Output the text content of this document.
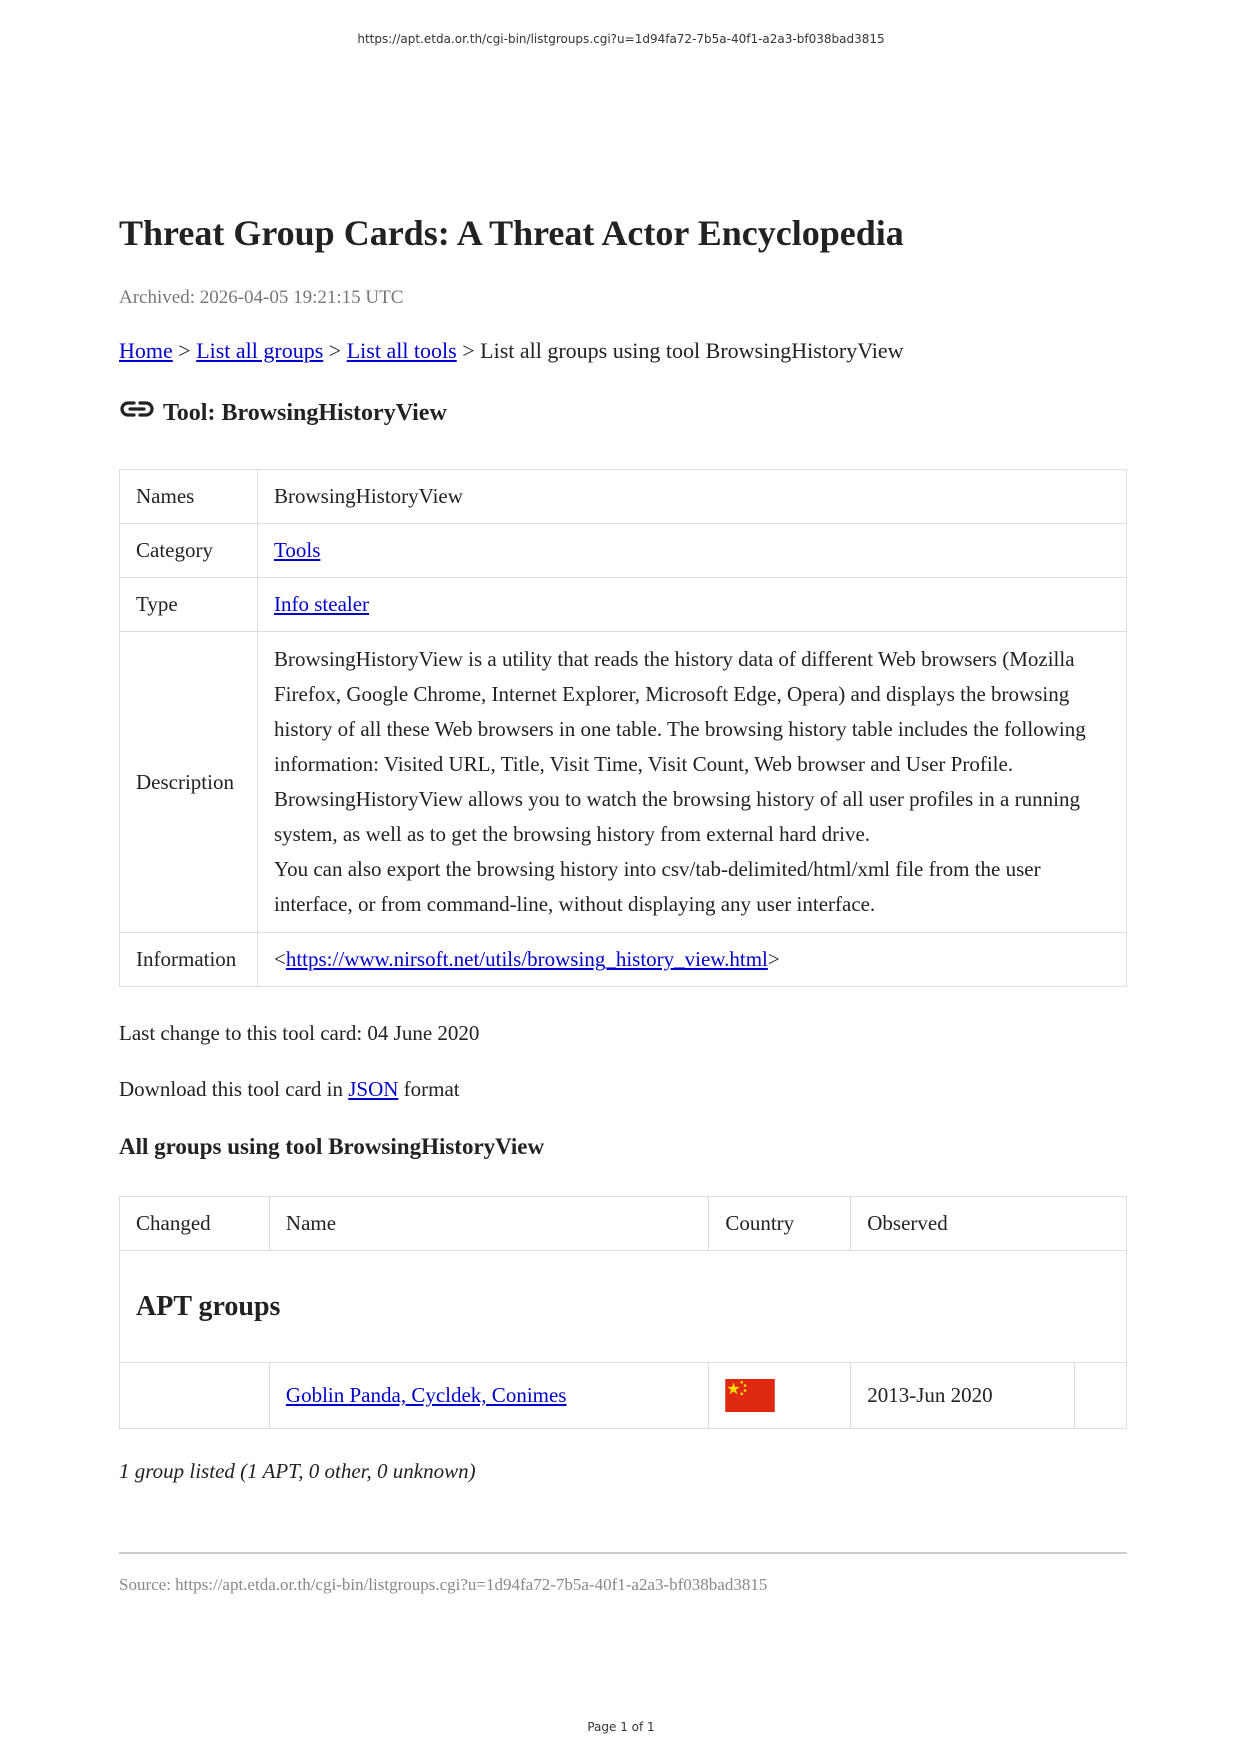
https://apt.etda.or.th/cgi-bin/listgroups.cgi?u=1d94fa72-7b5a-40f1-a2a3-bf038bad3815
Threat Group Cards: A Threat Actor Encyclopedia
Archived: 2026-04-05 19:21:15 UTC
Home > List all groups > List all tools > List all groups using tool BrowsingHistoryView
Tool: BrowsingHistoryView
Names	BrowsingHistoryView
Category	Tools
Type	Info stealer
Description	BrowsingHistoryView is a utility that reads the history data of different Web browsers (Mozilla Firefox, Google Chrome, Internet Explorer, Microsoft Edge, Opera) and displays the browsing history of all these Web browsers in one table. The browsing history table includes the following information: Visited URL, Title, Visit Time, Visit Count, Web browser and User Profile. BrowsingHistoryView allows you to watch the browsing history of all user profiles in a running system, as well as to get the browsing history from external hard drive.
You can also export the browsing history into csv/tab-delimited/html/xml file from the user interface, or from command-line, without displaying any user interface.
Information	<https://www.nirsoft.net/utils/browsing_history_view.html>
Last change to this tool card: 04 June 2020
Download this tool card in JSON format
All groups using tool BrowsingHistoryView
Changed	Name	Country	Observed	
APT groups				
	Goblin Panda, Cycldek, Conimes		2013-Jun 2020	
1 group listed (1 APT, 0 other, 0 unknown)
Source: https://apt.etda.or.th/cgi-bin/listgroups.cgi?u=1d94fa72-7b5a-40f1-a2a3-bf038bad3815
Page 1 of 1
